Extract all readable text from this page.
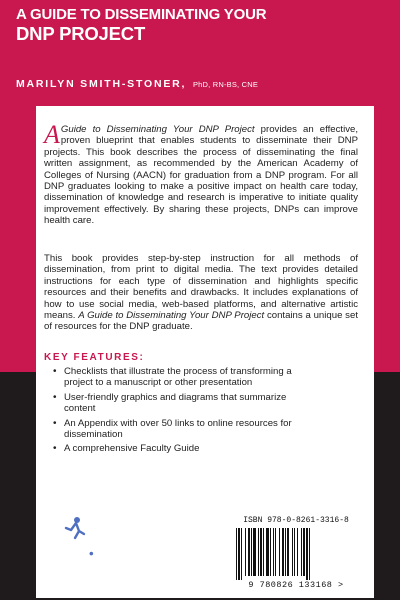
A GUIDE TO DISSEMINATING YOUR
DNP PROJECT
MARILYN SMITH-STONER, PhD, RN-BS, CNE

A Guide to Disseminating Your DNP Project provides an effective, proven blueprint that enables students to disseminate their DNP projects. This book describes the process of disseminating the final written assignment, as recommended by the American Academy of Colleges of Nursing (AACN) for graduation from a DNP program. For all DNP graduates looking to make a positive impact on health care today, dissemination of knowledge and research is imperative to initiate quality improvement effectively. By sharing these projects, DNPs can improve health care.

This book provides step-by-step instruction for all methods of dissemination, from print to digital media. The text provides detailed instructions for each type of dissemination and highlights specific resources and their benefits and drawbacks. It includes explanations of how to use social media, web-based platforms, and alternative artistic means. A Guide to Disseminating Your DNP Project contains a unique set of resources for the DNP graduate.

KEY FEATURES:
• Checklists that illustrate the process of transforming a project to a manuscript or other presentation
• User-friendly graphics and diagrams that summarize content
• An Appendix with over 50 links to online resources for dissemination
• A comprehensive Faculty Guide
ISBN 978-0-8261-3316-8
9 780826 133168 >
SPRINGER ● PUBLISHING COMPANY
11 W. 42nd Street
New York, NY 10036-8002
www.springerpub.com
